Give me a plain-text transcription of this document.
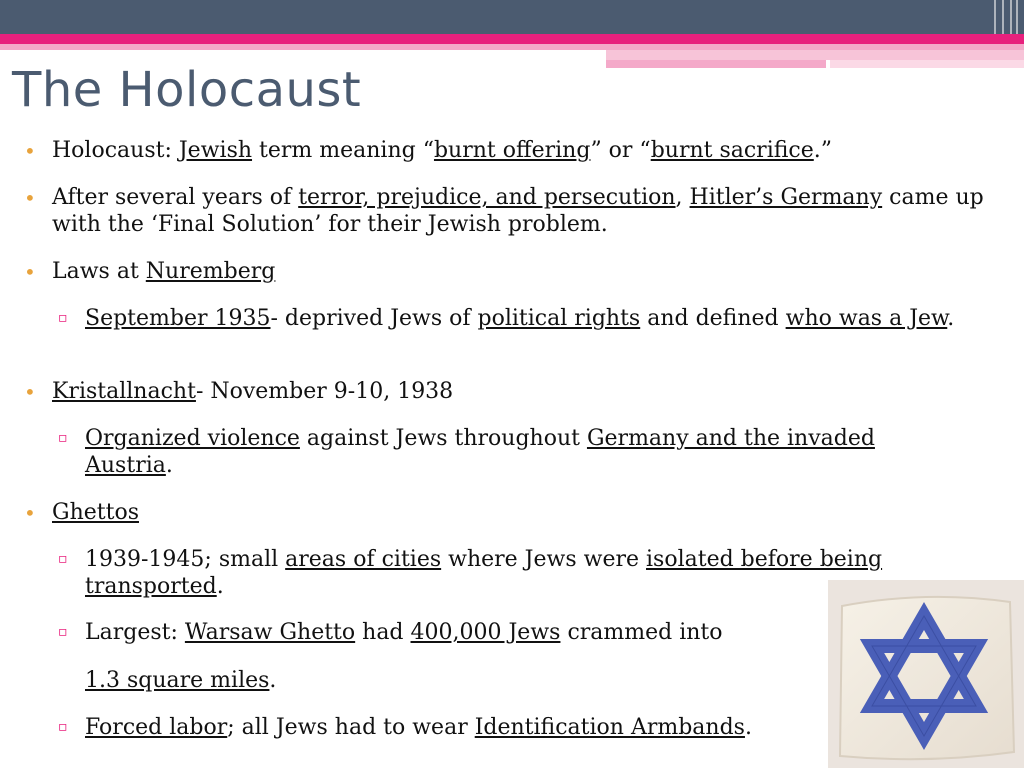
The Holocaust
• Holocaust: Jewish term meaning “burnt offering” or “burnt sacrifice.”
• After several years of terror, prejudice, and persecution, Hitler’s Germany came up with the ‘Final Solution’ for their Jewish problem.
• Laws at Nuremberg
▫ September 1935- deprived Jews of political rights and defined who was a Jew.
• Kristallnacht- November 9-10, 1938
▫ Organized violence against Jews throughout Germany and the invaded Austria.
• Ghettos
▫ 1939-1945; small areas of cities where Jews were isolated before being transported.
▫ Largest: Warsaw Ghetto had 400,000 Jews crammed into
1.3 square miles.
▫ Forced labor; all Jews had to wear Identification Armbands.
